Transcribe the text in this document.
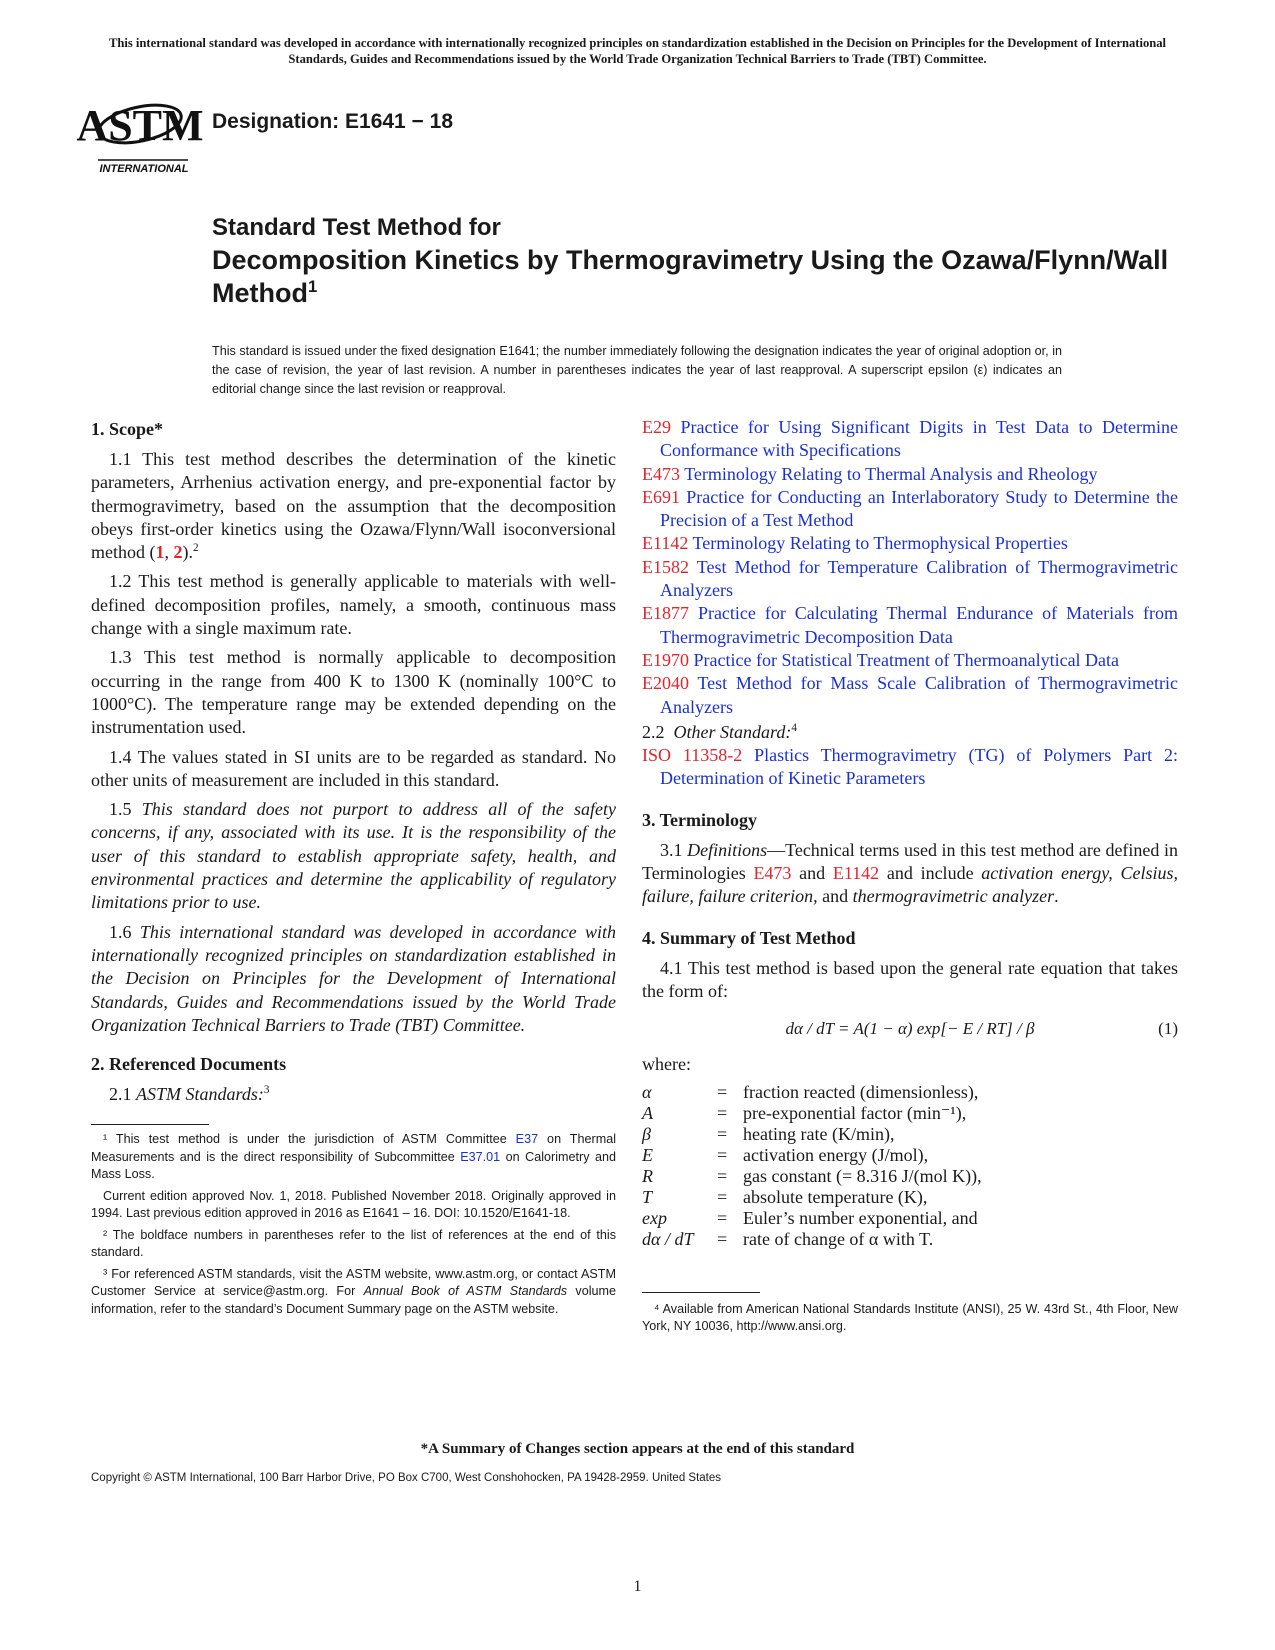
This international standard was developed in accordance with internationally recognized principles on standardization established in the Decision on Principles for the Development of International Standards, Guides and Recommendations issued by the World Trade Organization Technical Barriers to Trade (TBT) Committee.
ASTM
INTERNATIONAL
Designation: E1641 − 18
Standard Test Method for
Decomposition Kinetics by Thermogravimetry Using the Ozawa/Flynn/Wall Method$^1$
This standard is issued under the fixed designation E1641; the number immediately following the designation indicates the year of original adoption or, in the case of revision, the year of last revision. A number in parentheses indicates the year of last reapproval. A superscript epsilon (ε) indicates an editorial change since the last revision or reapproval.
1. Scope*

1.1 This test method describes the determination of the kinetic parameters, Arrhenius activation energy, and pre-exponential factor by thermogravimetry, based on the assumption that the decomposition obeys first-order kinetics using the Ozawa/Flynn/Wall isoconversional method (1, 2).$^2$

1.2 This test method is generally applicable to materials with well-defined decomposition profiles, namely, a smooth, continuous mass change with a single maximum rate.

1.3 This test method is normally applicable to decomposition occurring in the range from 400 K to 1300 K (nominally 100°C to 1000°C). The temperature range may be extended depending on the instrumentation used.

1.4 The values stated in SI units are to be regarded as standard. No other units of measurement are included in this standard.

1.5 This standard does not purport to address all of the safety concerns, if any, associated with its use. It is the responsibility of the user of this standard to establish appropriate safety, health, and environmental practices and determine the applicability of regulatory limitations prior to use.

1.6 This international standard was developed in accordance with internationally recognized principles on standardization established in the Decision on Principles for the Development of International Standards, Guides and Recommendations issued by the World Trade Organization Technical Barriers to Trade (TBT) Committee.

2. Referenced Documents

2.1 ASTM Standards:$^3$

¹ This test method is under the jurisdiction of ASTM Committee E37 on Thermal Measurements and is the direct responsibility of Subcommittee E37.01 on Calorimetry and Mass Loss.

Current edition approved Nov. 1, 2018. Published November 2018. Originally approved in 1994. Last previous edition approved in 2016 as E1641 – 16. DOI: 10.1520/E1641-18.

² The boldface numbers in parentheses refer to the list of references at the end of this standard.

³ For referenced ASTM standards, visit the ASTM website, www.astm.org, or contact ASTM Customer Service at service@astm.org. For Annual Book of ASTM Standards volume information, refer to the standard’s Document Summary page on the ASTM website.

E29 Practice for Using Significant Digits in Test Data to Determine Conformance with Specifications
E473 Terminology Relating to Thermal Analysis and Rheology
E691 Practice for Conducting an Interlaboratory Study to Determine the Precision of a Test Method
E1142 Terminology Relating to Thermophysical Properties
E1582 Test Method for Temperature Calibration of Thermogravimetric Analyzers
E1877 Practice for Calculating Thermal Endurance of Materials from Thermogravimetric Decomposition Data
E1970 Practice for Statistical Treatment of Thermoanalytical Data
E2040 Test Method for Mass Scale Calibration of Thermogravimetric Analyzers

2.2 Other Standard:$^4$

ISO 11358-2 Plastics Thermogravimetry (TG) of Polymers Part 2: Determination of Kinetic Parameters
3. Terminology

3.1 Definitions—Technical terms used in this test method are defined in Terminologies E473 and E1142 and include activation energy, Celsius, failure, failure criterion, and thermogravimetric analyzer.

4. Summary of Test Method

4.1 This test method is based upon the general rate equation that takes the form of:

dα / dT = A(1 − α) exp[− E / RT] / β	(1)

where:

α	=	fraction reacted (dimensionless),
A	=	pre-exponential factor (min⁻¹),
β	=	heating rate (K/min),
E	=	activation energy (J/mol),
R	=	gas constant (= 8.316 J/(mol K)),
T	=	absolute temperature (K),
exp	=	Euler’s number exponential, and
dα / dT	=	rate of change of α with T.

⁴ Available from American National Standards Institute (ANSI), 25 W. 43rd St., 4th Floor, New York, NY 10036, http://www.ansi.org.

*A Summary of Changes section appears at the end of this standard
Copyright © ASTM International, 100 Barr Harbor Drive, PO Box C700, West Conshohocken, PA 19428-2959. United States
1
